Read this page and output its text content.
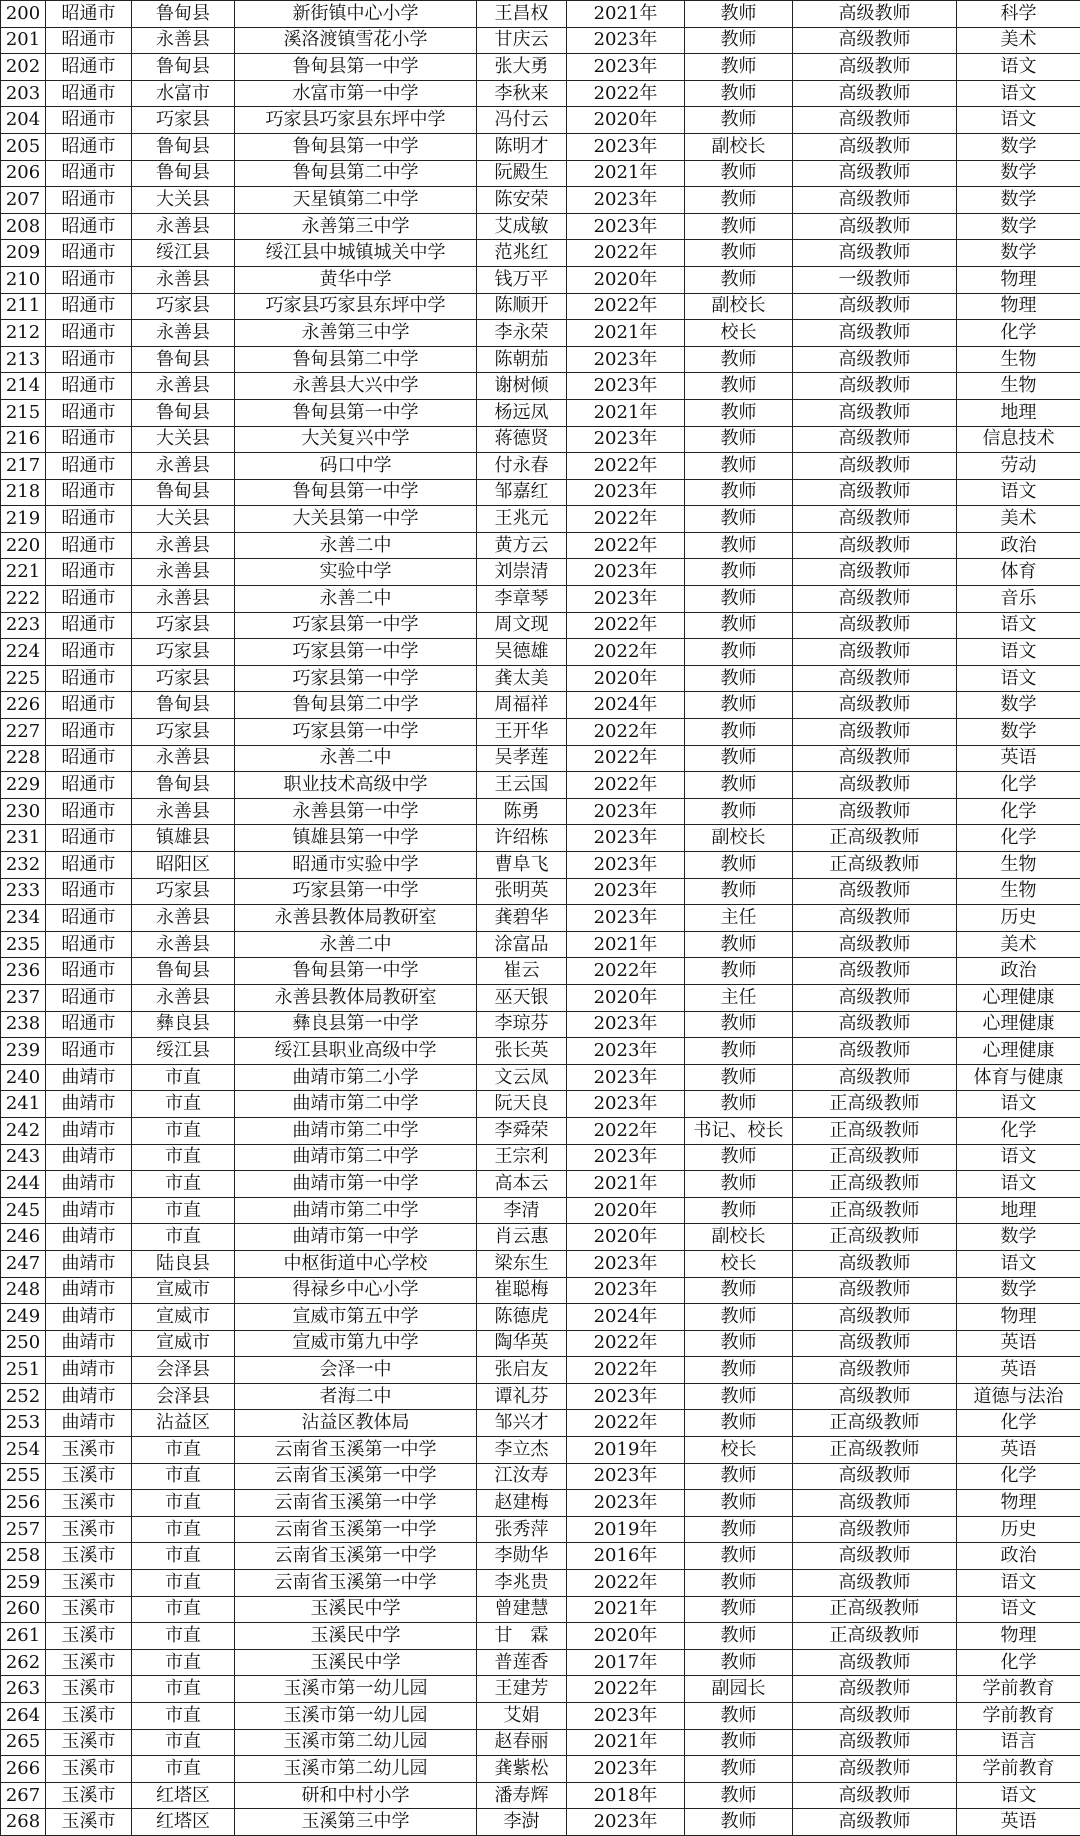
200	昭通市	鲁甸县	新街镇中心小学	王昌权	2021年	教师	高级教师	科学
201	昭通市	永善县	溪洛渡镇雪花小学	甘庆云	2023年	教师	高级教师	美术
202	昭通市	鲁甸县	鲁甸县第一中学	张大勇	2023年	教师	高级教师	语文
203	昭通市	水富市	水富市第一中学	李秋来	2022年	教师	高级教师	语文
204	昭通市	巧家县	巧家县巧家县东坪中学	冯付云	2020年	教师	高级教师	语文
205	昭通市	鲁甸县	鲁甸县第一中学	陈明才	2023年	副校长	高级教师	数学
206	昭通市	鲁甸县	鲁甸县第二中学	阮殿生	2021年	教师	高级教师	数学
207	昭通市	大关县	天星镇第二中学	陈安荣	2023年	教师	高级教师	数学
208	昭通市	永善县	永善第三中学	艾成敏	2023年	教师	高级教师	数学
209	昭通市	绥江县	绥江县中城镇城关中学	范兆红	2022年	教师	高级教师	数学
210	昭通市	永善县	黄华中学	钱万平	2020年	教师	一级教师	物理
211	昭通市	巧家县	巧家县巧家县东坪中学	陈顺开	2022年	副校长	高级教师	物理
212	昭通市	永善县	永善第三中学	李永荣	2021年	校长	高级教师	化学
213	昭通市	鲁甸县	鲁甸县第二中学	陈朝茄	2023年	教师	高级教师	生物
214	昭通市	永善县	永善县大兴中学	谢树倾	2023年	教师	高级教师	生物
215	昭通市	鲁甸县	鲁甸县第一中学	杨远凤	2021年	教师	高级教师	地理
216	昭通市	大关县	大关复兴中学	蒋德贤	2023年	教师	高级教师	信息技术
217	昭通市	永善县	码口中学	付永春	2022年	教师	高级教师	劳动
218	昭通市	鲁甸县	鲁甸县第一中学	邹嘉红	2023年	教师	高级教师	语文
219	昭通市	大关县	大关县第一中学	王兆元	2022年	教师	高级教师	美术
220	昭通市	永善县	永善二中	黄方云	2022年	教师	高级教师	政治
221	昭通市	永善县	实验中学	刘崇清	2023年	教师	高级教师	体育
222	昭通市	永善县	永善二中	李章琴	2023年	教师	高级教师	音乐
223	昭通市	巧家县	巧家县第一中学	周文现	2022年	教师	高级教师	语文
224	昭通市	巧家县	巧家县第一中学	吴德雄	2022年	教师	高级教师	语文
225	昭通市	巧家县	巧家县第一中学	龚太美	2020年	教师	高级教师	语文
226	昭通市	鲁甸县	鲁甸县第二中学	周福祥	2024年	教师	高级教师	数学
227	昭通市	巧家县	巧家县第一中学	王开华	2022年	教师	高级教师	数学
228	昭通市	永善县	永善二中	吴孝莲	2022年	教师	高级教师	英语
229	昭通市	鲁甸县	职业技术高级中学	王云国	2022年	教师	高级教师	化学
230	昭通市	永善县	永善县第一中学	陈勇	2023年	教师	高级教师	化学
231	昭通市	镇雄县	镇雄县第一中学	许绍栋	2023年	副校长	正高级教师	化学
232	昭通市	昭阳区	昭通市实验中学	曹阜飞	2023年	教师	正高级教师	生物
233	昭通市	巧家县	巧家县第一中学	张明英	2023年	教师	高级教师	生物
234	昭通市	永善县	永善县教体局教研室	龚碧华	2023年	主任	高级教师	历史
235	昭通市	永善县	永善二中	涂富品	2021年	教师	高级教师	美术
236	昭通市	鲁甸县	鲁甸县第一中学	崔云	2022年	教师	高级教师	政治
237	昭通市	永善县	永善县教体局教研室	巫天银	2020年	主任	高级教师	心理健康
238	昭通市	彝良县	彝良县第一中学	李琼芬	2023年	教师	高级教师	心理健康
239	昭通市	绥江县	绥江县职业高级中学	张长英	2023年	教师	高级教师	心理健康
240	曲靖市	市直	曲靖市第二小学	文云凤	2023年	教师	高级教师	体育与健康
241	曲靖市	市直	曲靖市第二中学	阮天良	2023年	教师	正高级教师	语文
242	曲靖市	市直	曲靖市第二中学	李舜荣	2022年	书记、校长	正高级教师	化学
243	曲靖市	市直	曲靖市第二中学	王宗利	2023年	教师	正高级教师	语文
244	曲靖市	市直	曲靖市第一中学	高本云	2021年	教师	正高级教师	语文
245	曲靖市	市直	曲靖市第二中学	李清	2020年	教师	正高级教师	地理
246	曲靖市	市直	曲靖市第一中学	肖云惠	2020年	副校长	正高级教师	数学
247	曲靖市	陆良县	中枢街道中心学校	梁东生	2023年	校长	高级教师	语文
248	曲靖市	宣威市	得禄乡中心小学	崔聪梅	2023年	教师	高级教师	数学
249	曲靖市	宣威市	宣威市第五中学	陈德虎	2024年	教师	高级教师	物理
250	曲靖市	宣威市	宣威市第九中学	陶华英	2022年	教师	高级教师	英语
251	曲靖市	会泽县	会泽一中	张启友	2022年	教师	高级教师	英语
252	曲靖市	会泽县	者海二中	谭礼芬	2023年	教师	高级教师	道德与法治
253	曲靖市	沾益区	沾益区教体局	邹兴才	2022年	教师	正高级教师	化学
254	玉溪市	市直	云南省玉溪第一中学	李立杰	2019年	校长	正高级教师	英语
255	玉溪市	市直	云南省玉溪第一中学	江汝寿	2023年	教师	高级教师	化学
256	玉溪市	市直	云南省玉溪第一中学	赵建梅	2023年	教师	高级教师	物理
257	玉溪市	市直	云南省玉溪第一中学	张秀萍	2019年	教师	高级教师	历史
258	玉溪市	市直	云南省玉溪第一中学	李勋华	2016年	教师	高级教师	政治
259	玉溪市	市直	云南省玉溪第一中学	李兆贵	2022年	教师	高级教师	语文
260	玉溪市	市直	玉溪民中学	曾建慧	2021年	教师	正高级教师	语文
261	玉溪市	市直	玉溪民中学	甘　霖	2020年	教师	正高级教师	物理
262	玉溪市	市直	玉溪民中学	普莲香	2017年	教师	高级教师	化学
263	玉溪市	市直	玉溪市第一幼儿园	王建芳	2022年	副园长	高级教师	学前教育
264	玉溪市	市直	玉溪市第一幼儿园	艾娟	2023年	教师	高级教师	学前教育
265	玉溪市	市直	玉溪市第二幼儿园	赵春丽	2021年	教师	高级教师	语言
266	玉溪市	市直	玉溪市第二幼儿园	龚紫松	2023年	教师	高级教师	学前教育
267	玉溪市	红塔区	研和中村小学	潘寿辉	2018年	教师	高级教师	语文
268	玉溪市	红塔区	玉溪第三中学	李澍	2023年	教师	高级教师	英语
